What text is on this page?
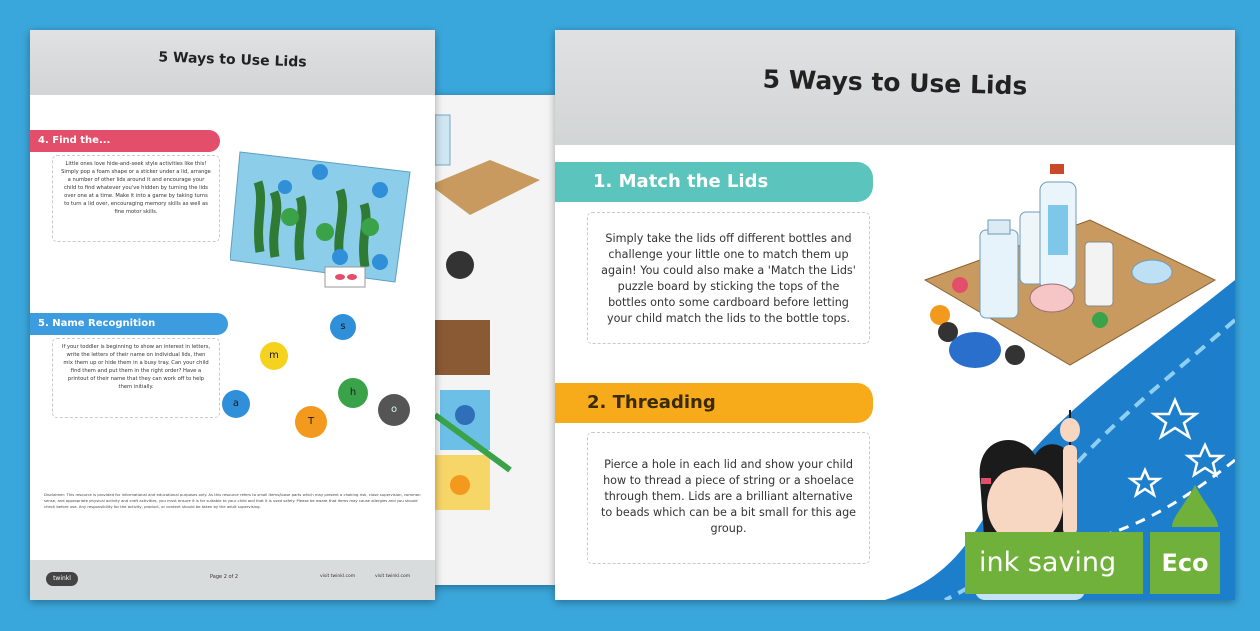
5 Ways to Use Lids
4. Find the...
Little ones love hide-and-seek style activities like this! Simply pop a foam shape or a sticker under a lid, arrange a number of other lids around it and encourage your child to find whatever you've hidden by turning the lids over one at a time. Make it into a game by taking turns to turn a lid over, encouraging memory skills as well as fine motor skills.
5. Name Recognition
If your toddler is beginning to show an interest in letters, write the letters of their name on individual lids, then mix them up or hide them in a busy tray. Can your child find them and put them in the right order? Have a printout of their name that they can work off to help them initially.
s
m
h
a
o
T
Disclaimer: This resource is provided for informational and educational purposes only. As this resource refers to small items/loose parts which may present a choking risk, close supervision, common sense, and appropriate physical activity and craft activities, you must ensure it is for suitable to your child and that it is used safely. Please be aware that items may cause allergies and you should check before use. Any responsibility for the activity, product, or content should be taken by the adult supervising.
twinkl	Page 2 of 2	visit twinkl.com	visit twinkl.com
5 Ways to Use Lids
1. Match the Lids
Simply take the lids off different bottles and challenge your little one to match them up again! You could also make a 'Match the Lids' puzzle board by sticking the tops of the bottles onto some cardboard before letting your child match the lids to the bottle tops.
2. Threading
Pierce a hole in each lid and show your child how to thread a piece of string or a shoelace through them. Lids are a brilliant alternative to beads which can be a bit small for this age group.
ink saving	Eco
